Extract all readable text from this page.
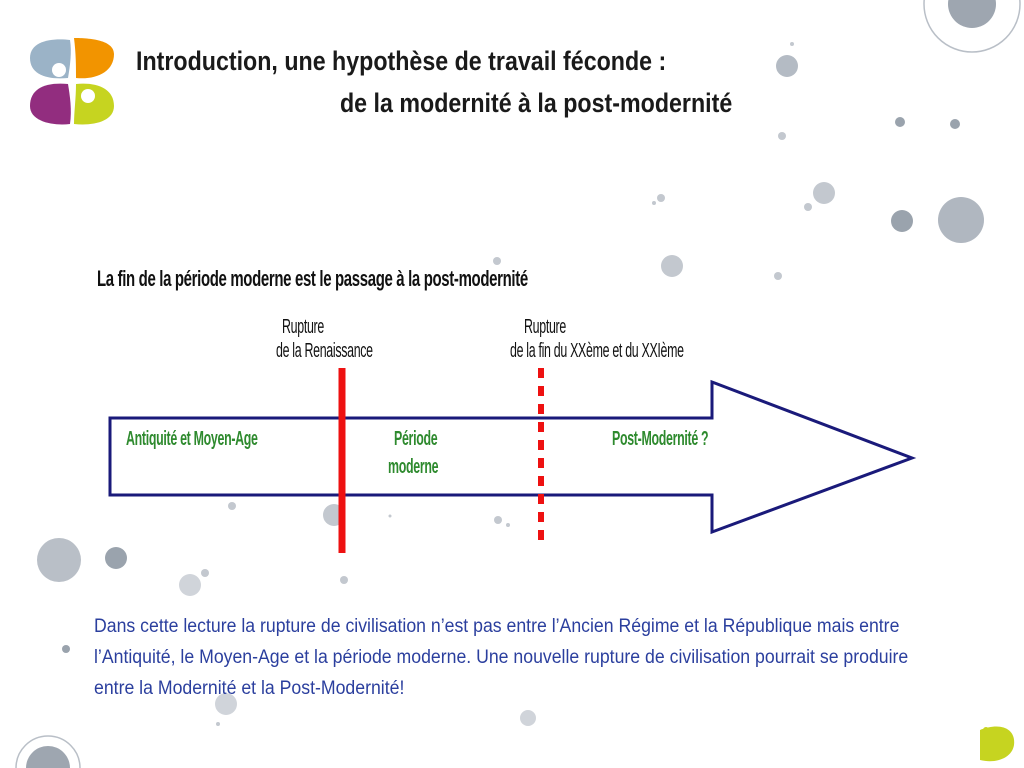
Introduction, une hypothèse de travail féconde :
de la modernité à la post-modernité
La fin de la période moderne est le passage à la post-modernité
Rupture
de la Renaissance
Rupture
de la fin du XXème et du XXIème
Antiquité et Moyen-Age	Période
moderne
Post-Modernité ?
Dans cette lecture la rupture de civilisation n’est pas entre l’Ancien Régime et la République mais entre l’Antiquité, le Moyen-Age et la période moderne. Une nouvelle rupture de civilisation pourrait se produire entre la Modernité et la Post-Modernité!
